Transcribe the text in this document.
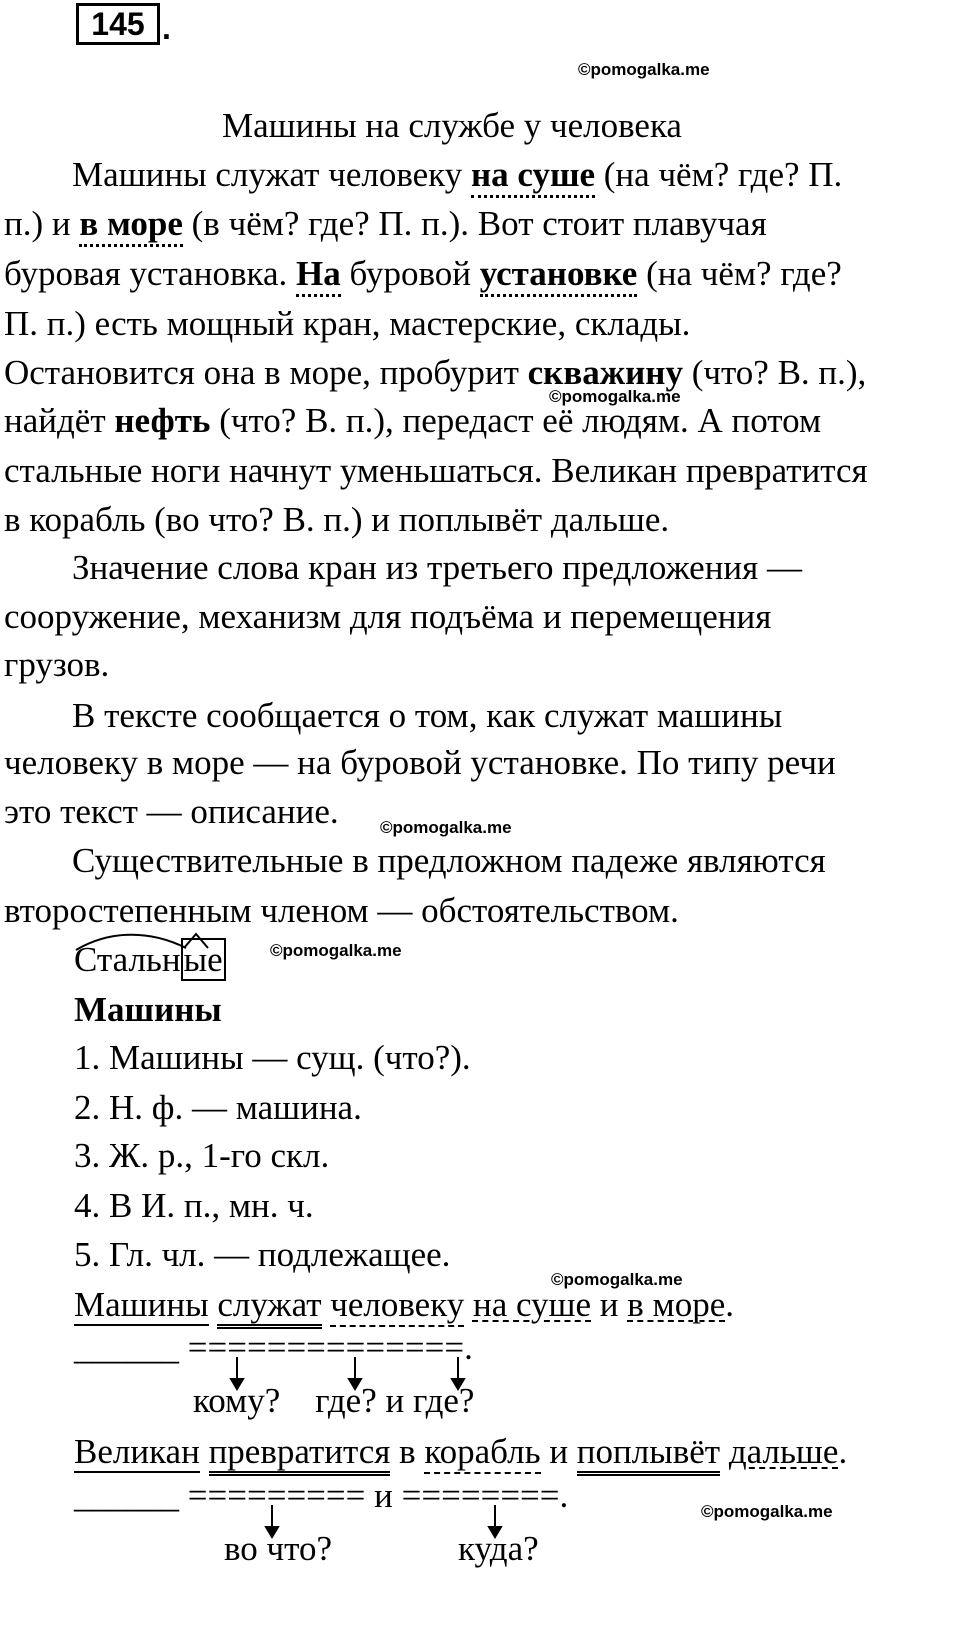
145 .
©pomogalka.me
©pomogalka.me
©pomogalka.me
©pomogalka.me
©pomogalka.me
©pomogalka.me
Машины на службе у человека
Машины служат человеку на суше (на чём? где? П.
п.) и в море (в чём? где? П. п.). Вот стоит плавучая
буровая установка. На буровой установке (на чём? где?
П. п.) есть мощный кран, мастерские, склады.
Остановится она в море, пробурит скважину (что? В. п.),
найдёт нефть (что? В. п.), передаст её людям. А потом
стальные ноги начнут уменьшаться. Великан превратится
в корабль (во что? В. п.) и поплывёт дальше.
Значение слова кран из третьего предложения —
сооружение, механизм для подъёма и перемещения
грузов.
В тексте сообщается о том, как служат машины
человеку в море — на буровой установке. По типу речи
это текст — описание.
Существительные в предложном падеже являются
второстепенным членом — обстоятельством.
Стальные
Машины
1. Машины — сущ. (что?).
2. Н. ф. — машина.
3. Ж. р., 1-го скл.
4. В И. п., мн. ч.
5. Гл. чл. — подлежащее.
Машины служат человеку на суше и в море.
______ ==============.
кому?    где? и где?
Великан превратится в корабль и поплывёт дальше.
______ ========= и ========.
во что?	куда?
